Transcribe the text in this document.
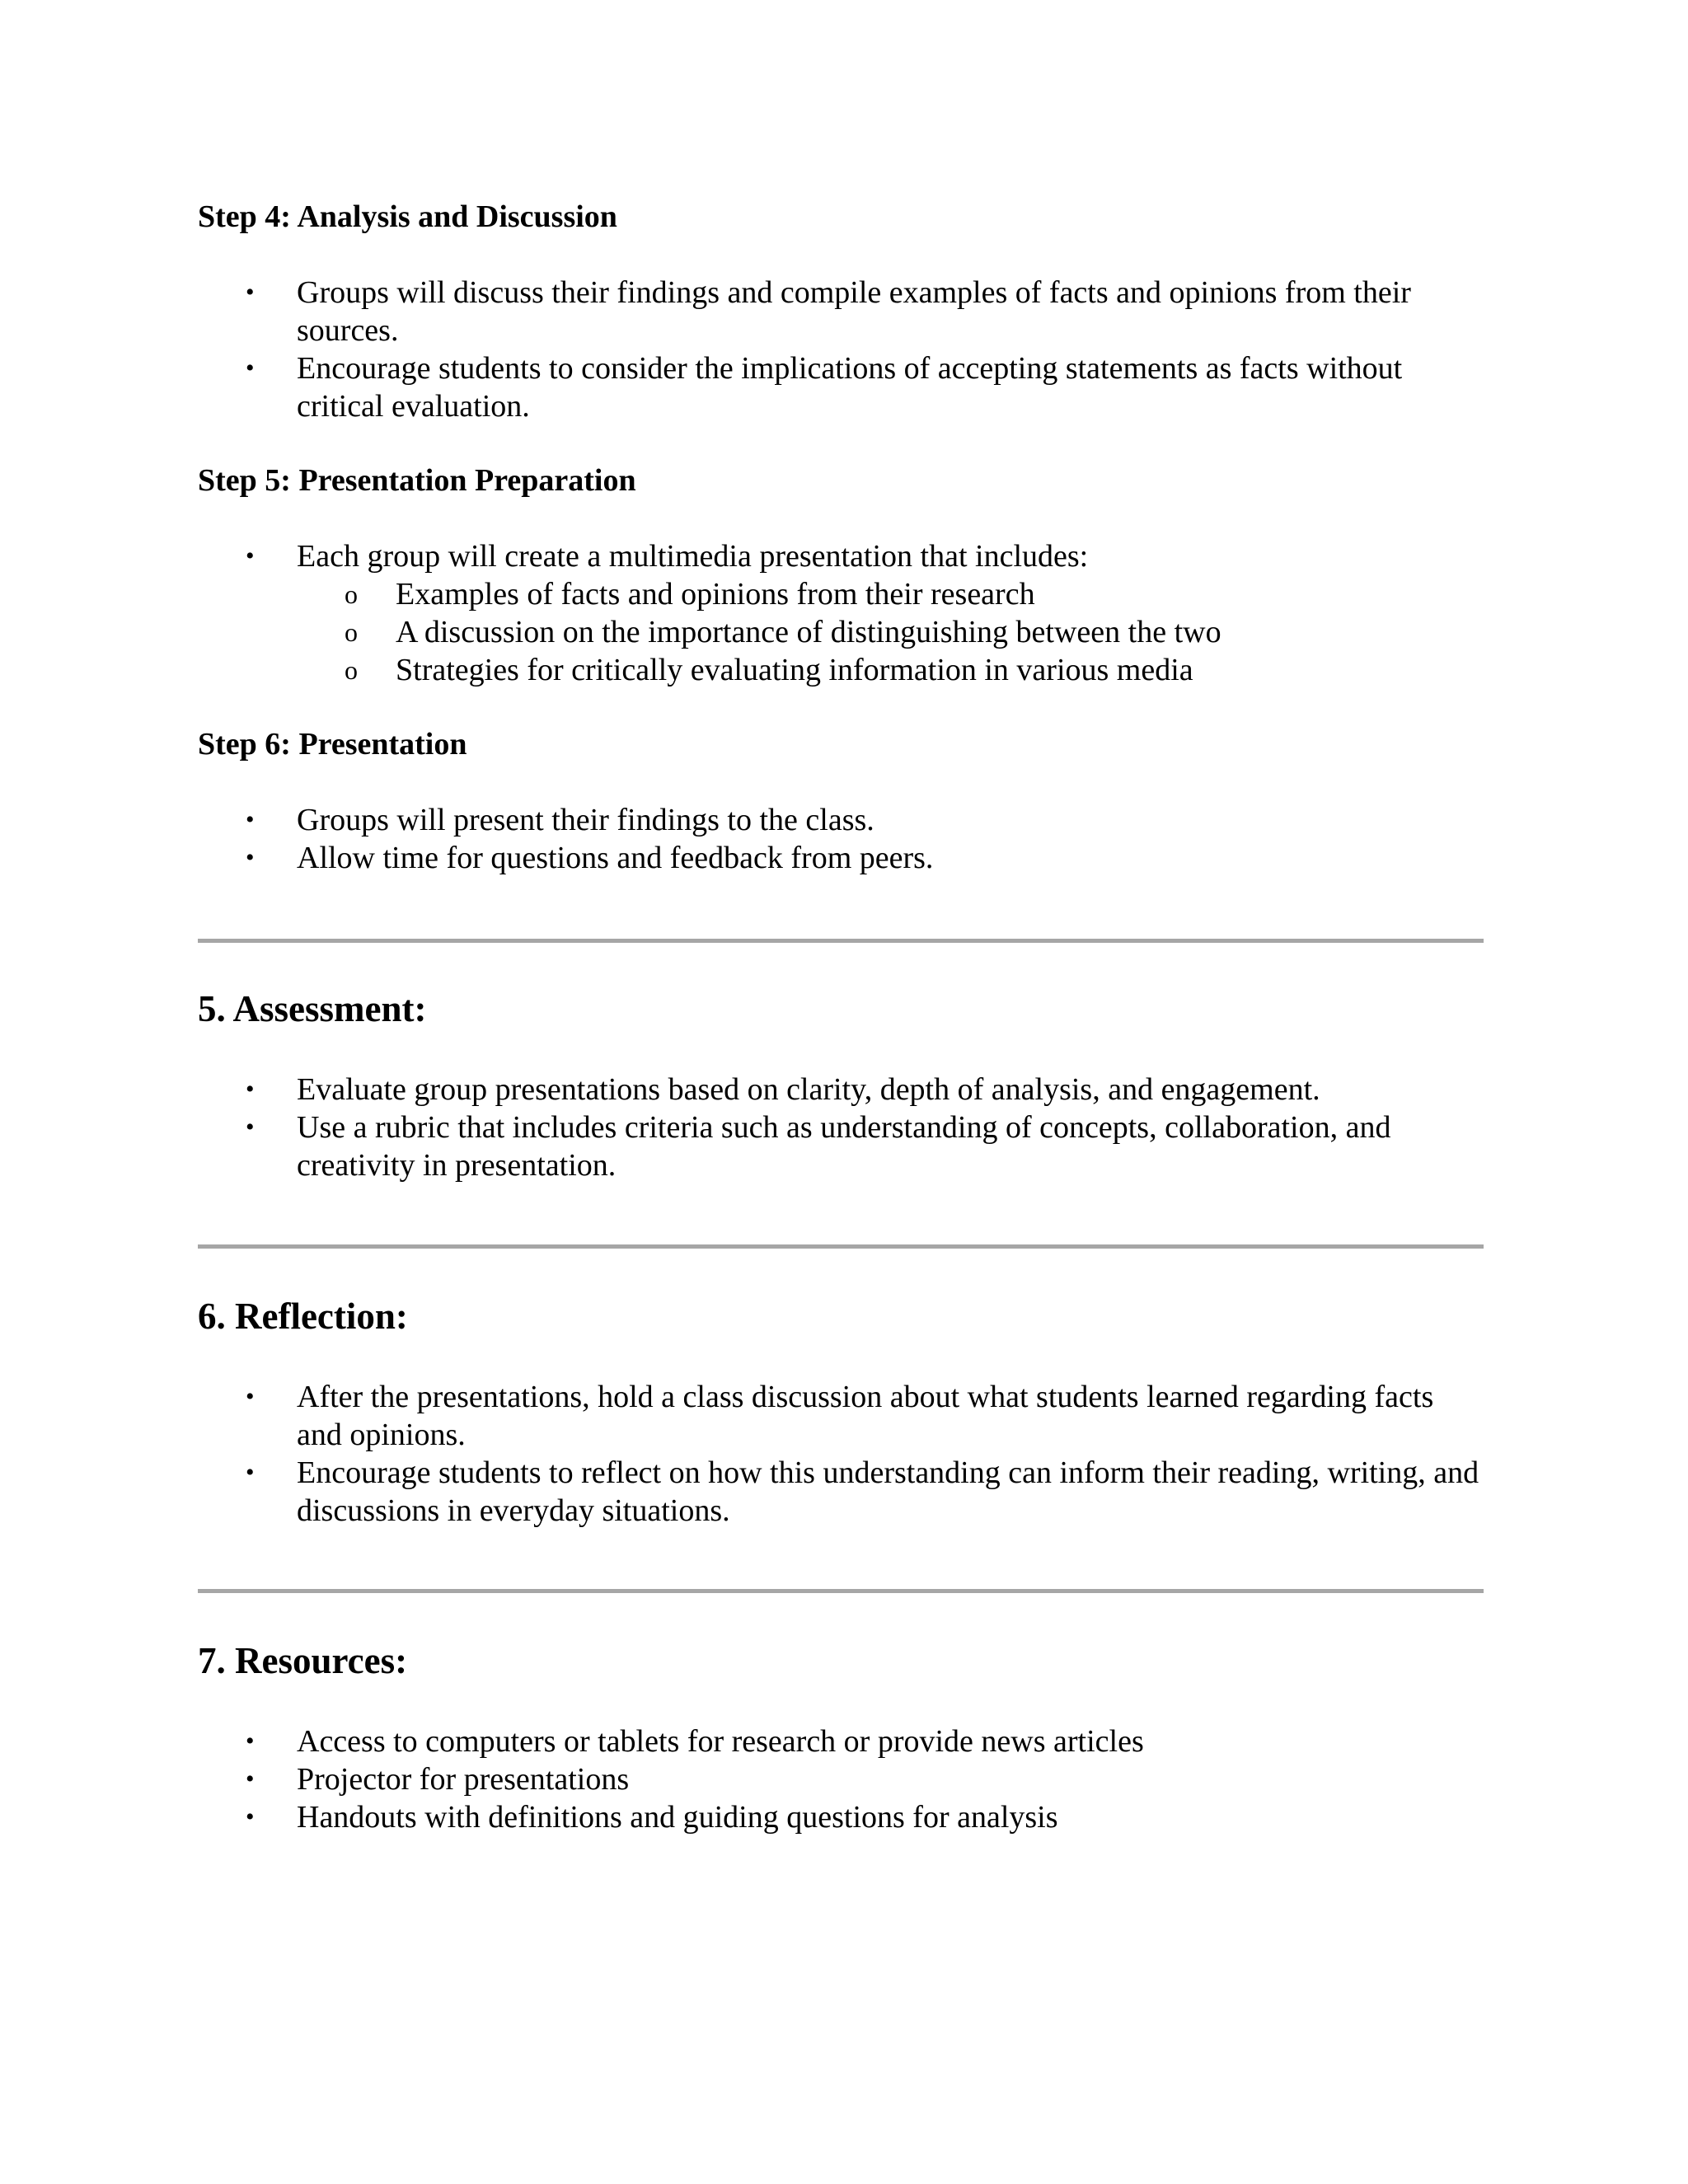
Step 4: Analysis and Discussion
• Groups will discuss their findings and compile examples of facts and opinions from their sources.
• Encourage students to consider the implications of accepting statements as facts without critical evaluation.
Step 5: Presentation Preparation
• Each group will create a multimedia presentation that includes:
o Examples of facts and opinions from their research
o A discussion on the importance of distinguishing between the two
o Strategies for critically evaluating information in various media
Step 6: Presentation
• Groups will present their findings to the class.
• Allow time for questions and feedback from peers.
5. Assessment:
• Evaluate group presentations based on clarity, depth of analysis, and engagement.
• Use a rubric that includes criteria such as understanding of concepts, collaboration, and creativity in presentation.
6. Reflection:
• After the presentations, hold a class discussion about what students learned regarding facts and opinions.
• Encourage students to reflect on how this understanding can inform their reading, writing, and discussions in everyday situations.
7. Resources:
• Access to computers or tablets for research or provide news articles
• Projector for presentations
• Handouts with definitions and guiding questions for analysis
